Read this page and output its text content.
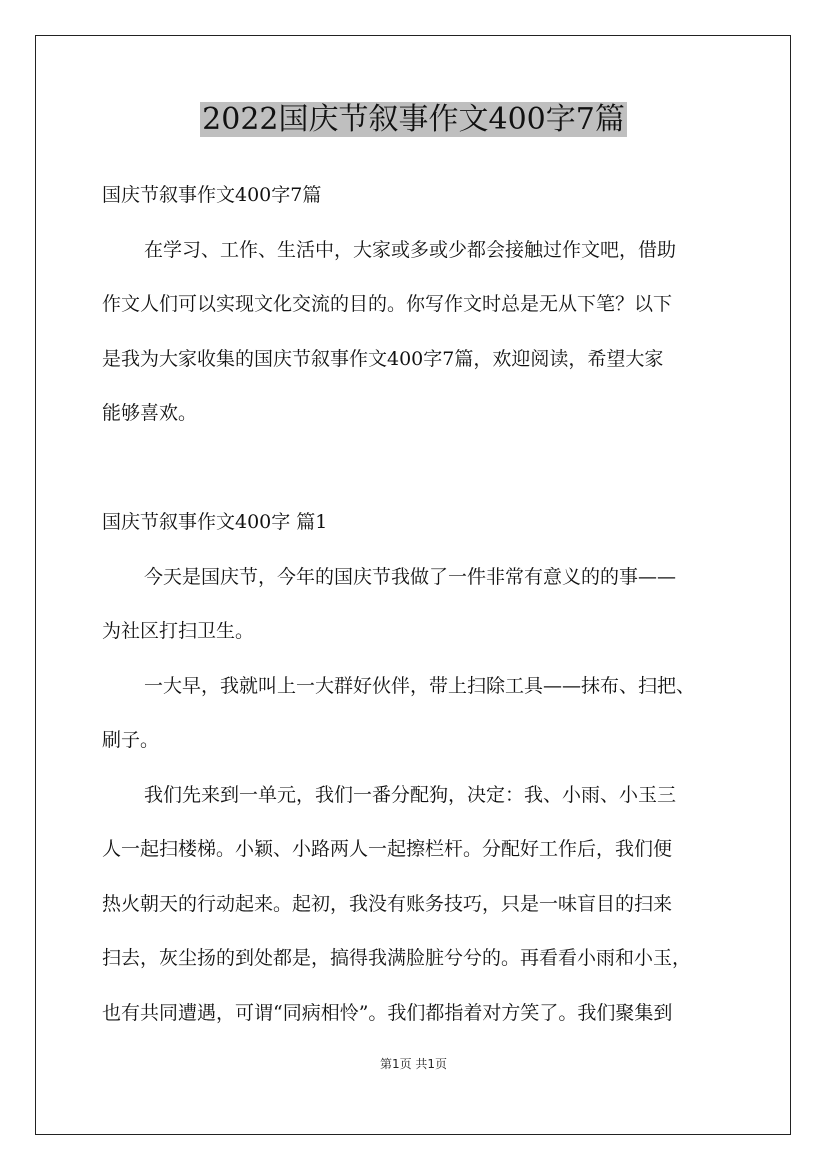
2022国庆节叙事作文400字7篇
国庆节叙事作文400字7篇
在学习、工作、生活中，大家或多或少都会接触过作文吧，借助
作文人们可以实现文化交流的目的。你写作文时总是无从下笔？以下
是我为大家收集的国庆节叙事作文400字7篇，欢迎阅读，希望大家
能够喜欢。
国庆节叙事作文400字 篇1
今天是国庆节，今年的国庆节我做了一件非常有意义的的事——
为社区打扫卫生。
一大早，我就叫上一大群好伙伴，带上扫除工具——抹布、扫把、
刷子。
我们先来到一单元，我们一番分配狗，决定：我、小雨、小玉三
人一起扫楼梯。小颖、小路两人一起擦栏杆。分配好工作后，我们便
热火朝天的行动起来。起初，我没有账务技巧，只是一味盲目的扫来
扫去，灰尘扬的到处都是，搞得我满脸脏兮兮的。再看看小雨和小玉，
也有共同遭遇，可谓“同病相怜”。我们都指着对方笑了。我们聚集到
第1页 共1页
